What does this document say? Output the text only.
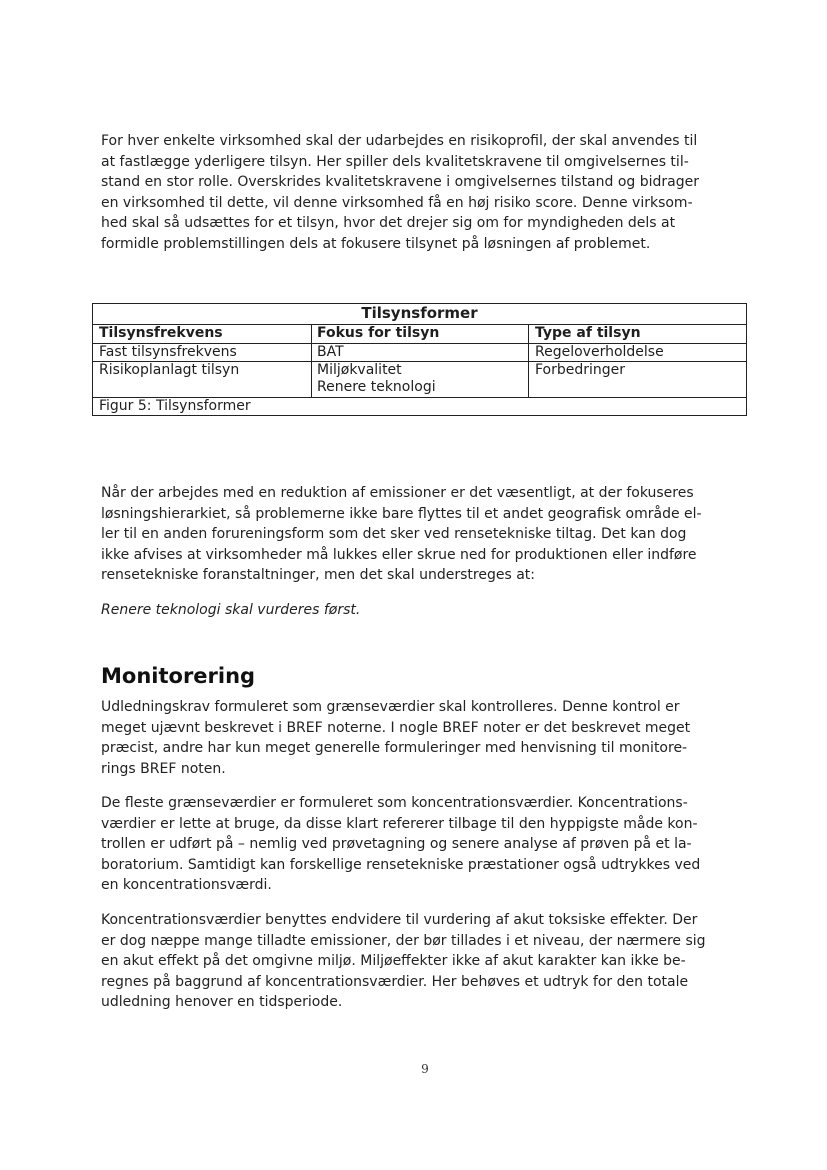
For hver enkelte virksomhed skal der udarbejdes en risikoprofil, der skal anvendes til
at fastlægge yderligere tilsyn. Her spiller dels kvalitetskravene til omgivelsernes til-
stand en stor rolle. Overskrides kvalitetskravene i omgivelsernes tilstand og bidrager
en virksomhed til dette, vil denne virksomhed få en høj risiko score. Denne virksom-
hed skal så udsættes for et tilsyn, hvor det drejer sig om for myndigheden dels at
formidle problemstillingen dels at fokusere tilsynet på løsningen af problemet.

Tilsynsformer
Tilsynsfrekvens	Fokus for tilsyn	Type af tilsyn
Fast tilsynsfrekvens	BAT	Regeloverholdelse
Risikoplanlagt tilsyn	Miljøkvalitet	Forbedringer
Renere teknologi
Figur 5: Tilsynsformer

Når der arbejdes med en reduktion af emissioner er det væsentligt, at der fokuseres
løsningshierarkiet, så problemerne ikke bare flyttes til et andet geografisk område el-
ler til en anden forureningsform som det sker ved rensetekniske tiltag. Det kan dog
ikke afvises at virksomheder må lukkes eller skrue ned for produktionen eller indføre
rensetekniske foranstaltninger, men det skal understreges at:

Renere teknologi skal vurderes først.

Monitorering

Udledningskrav formuleret som grænseværdier skal kontrolleres. Denne kontrol er
meget ujævnt beskrevet i BREF noterne. I nogle BREF noter er det beskrevet meget
præcist, andre har kun meget generelle formuleringer med henvisning til monitore-
rings BREF noten.

De fleste grænseværdier er formuleret som koncentrationsværdier. Koncentrations-
værdier er lette at bruge, da disse klart refererer tilbage til den hyppigste måde kon-
trollen er udført på – nemlig ved prøvetagning og senere analyse af prøven på et la-
boratorium. Samtidigt kan forskellige rensetekniske præstationer også udtrykkes ved
en koncentrationsværdi.

Koncentrationsværdier benyttes endvidere til vurdering af akut toksiske effekter. Der
er dog næppe mange tilladte emissioner, der bør tillades i et niveau, der nærmere sig
en akut effekt på det omgivne miljø. Miljøeffekter ikke af akut karakter kan ikke be-
regnes på baggrund af koncentrationsværdier. Her behøves et udtryk for den totale
udledning henover en tidsperiode.

9
